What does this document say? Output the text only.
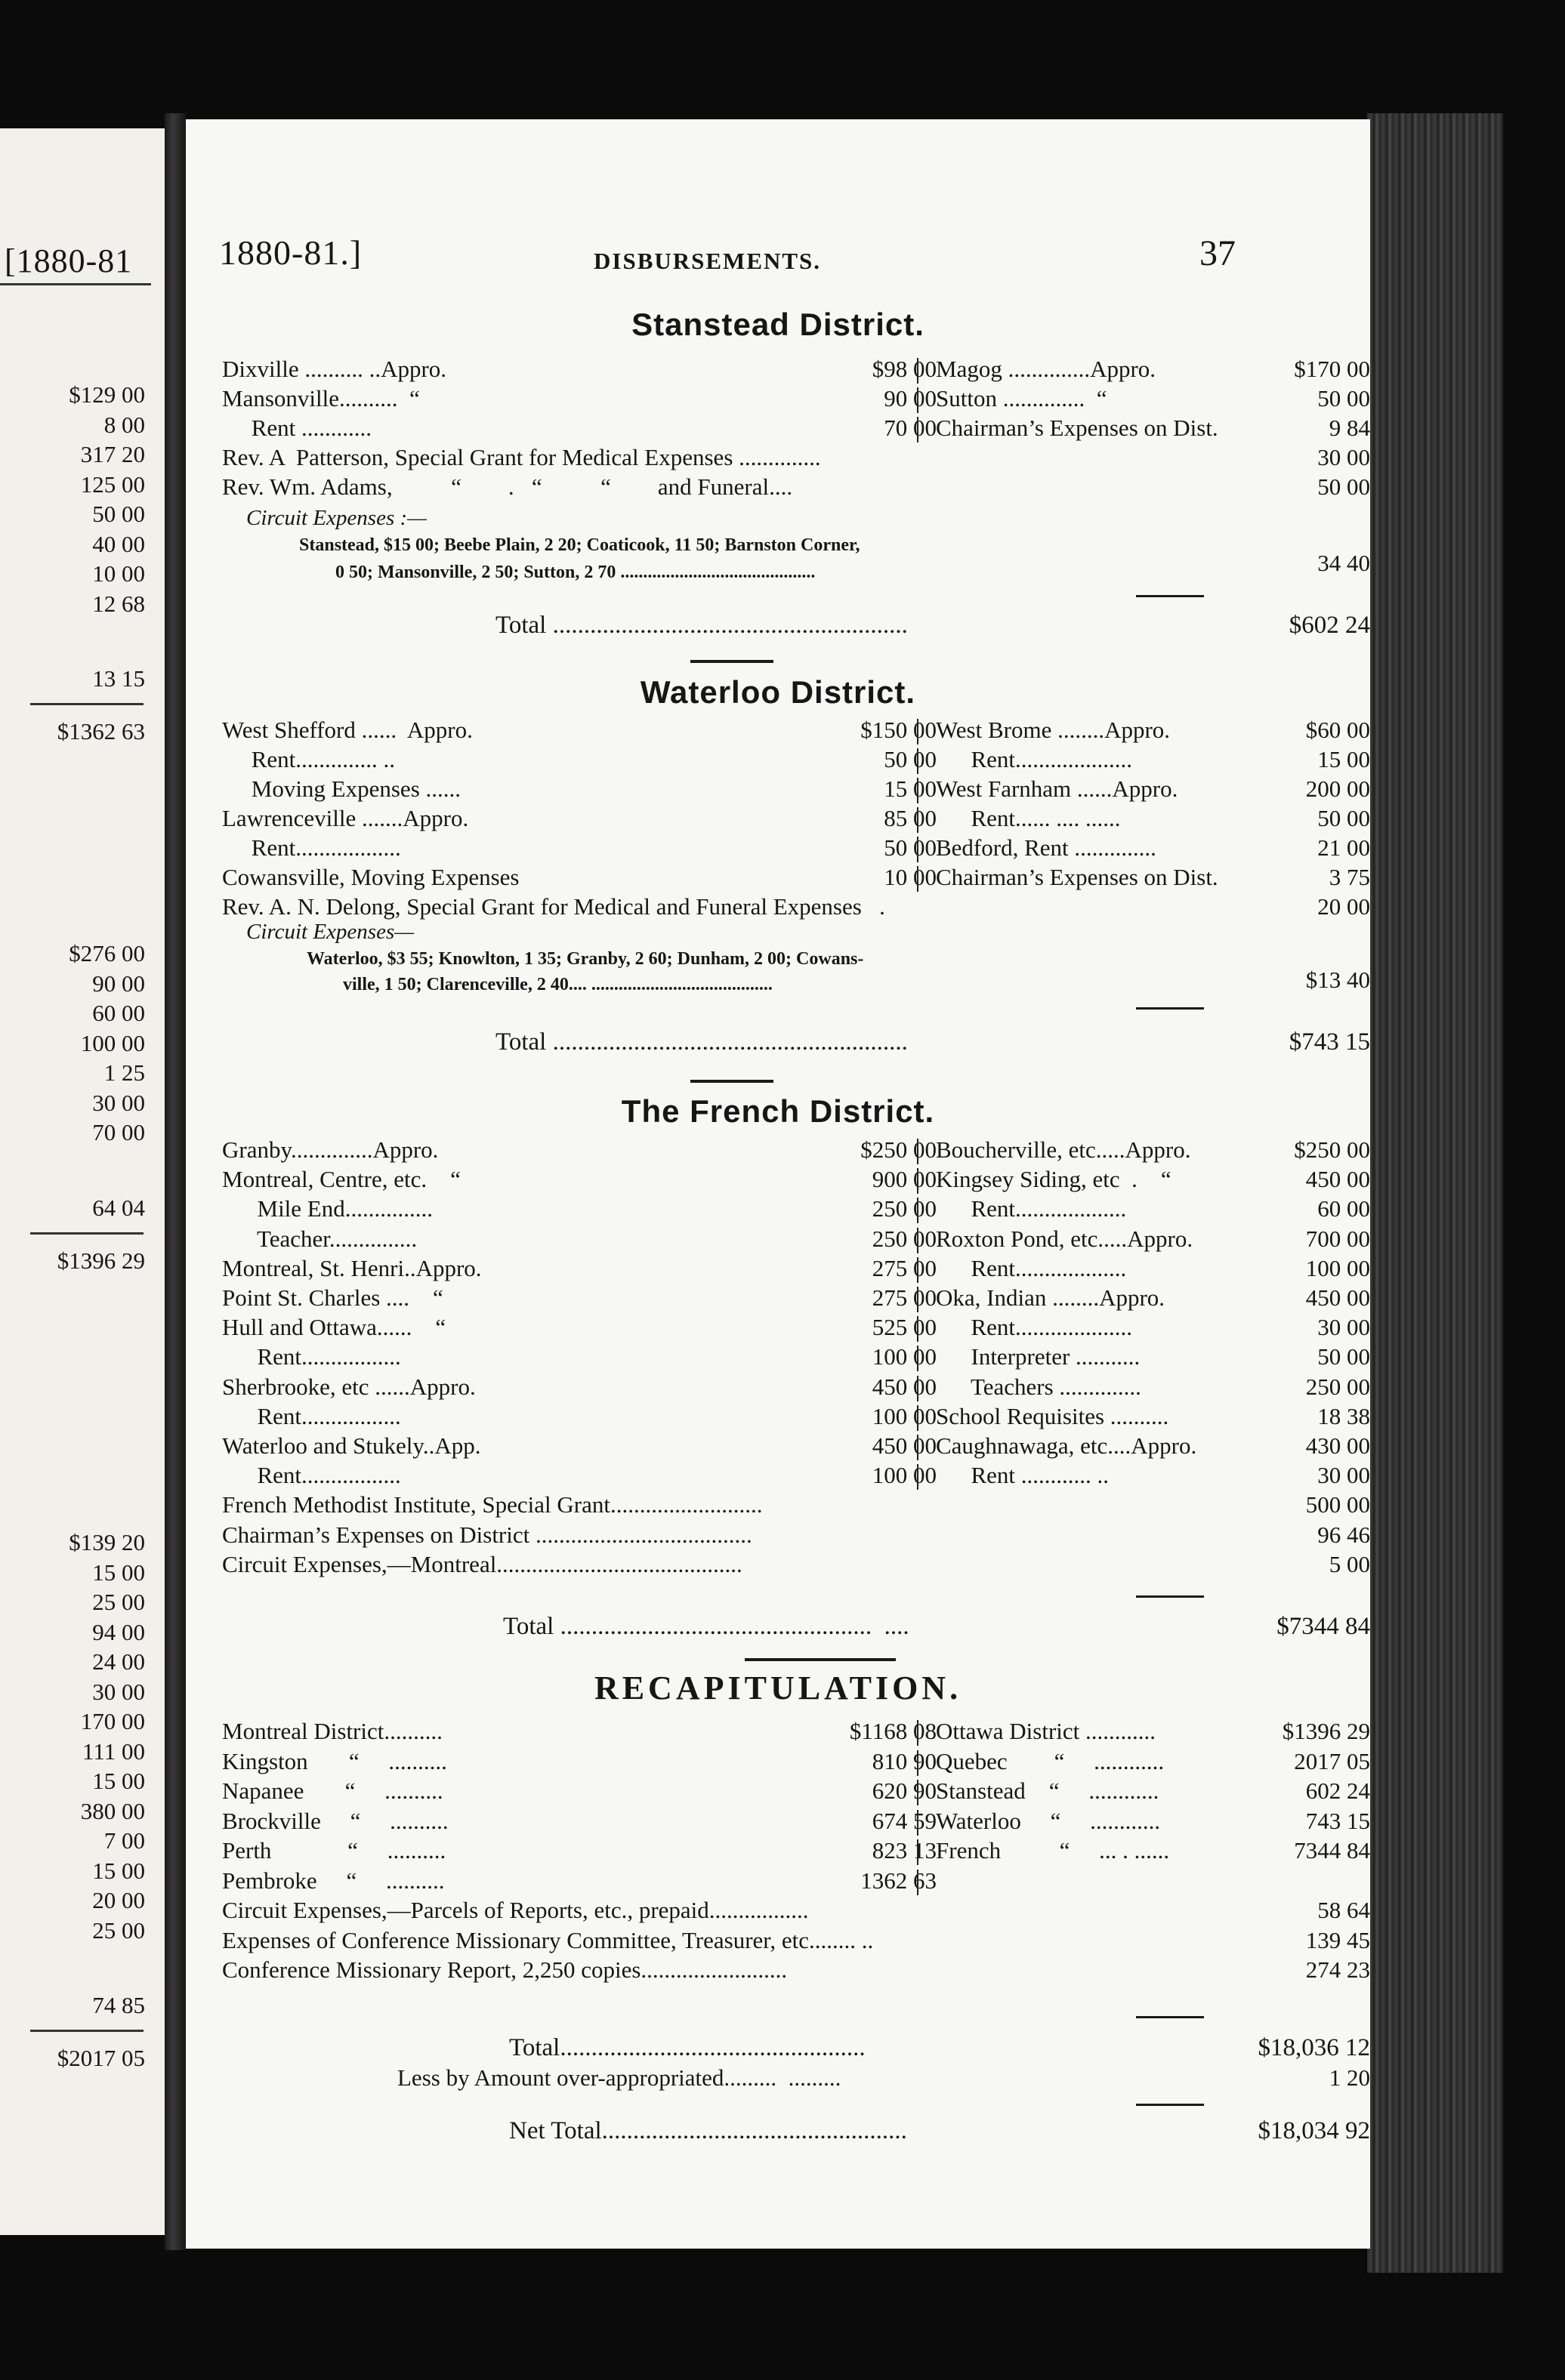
[1880-81
$129 00
8 00
317 20
125 00
50 00
40 00
10 00
12 68
13 15
$1362 63
$276 00
90 00
60 00
100 00
1 25
30 00
70 00
64 04
$1396 29
$139 20
15 00
25 00
94 00
24 00
30 00
170 00
111 00
15 00
380 00
7 00
15 00
20 00
25 00
74 85
$2017 05
1880-81.]	DISBURSEMENTS.	37
Stanstead District.
Dixville .......... ..Appro.	$98 00 Magog ..............Appro.	$170 00
Mansonville..........  “	90 00 Sutton ..............  “	50 00
Rent ............	70 00 Chairman’s Expenses on Dist.	9 84
Rev. A  Patterson, Special Grant for Medical Expenses ..............	30 00
Rev. Wm. Adams,          “        .   “          “        and Funeral....	50 00
Circuit Expenses :—
Stanstead, $15 00; Beebe Plain, 2 20; Coaticook, 11 50; Barnston Corner,
0 50; Mansonville, 2 50; Sutton, 2 70 ...........................................	34 40
Total .........................................................	$602 24
Waterloo District.
West Shefford ......  Appro.	$150 00 West Brome ........Appro.	$60 00
Rent.............. ..	50 00 Rent....................	15 00
Moving Expenses ......	15 00 West Farnham ......Appro.	200 00
Lawrenceville .......Appro.	85 00 Rent...... .... ......	50 00
Rent..................	50 00 Bedford, Rent ..............	21 00
Cowansville, Moving Expenses	10 00 Chairman’s Expenses on Dist.	3 75
Rev. A. N. Delong, Special Grant for Medical and Funeral Expenses   .	20 00
Circuit Expenses—
Waterloo, $3 55; Knowlton, 1 35; Granby, 2 60; Dunham, 2 00; Cowans-
ville, 1 50; Clarenceville, 2 40.... ........................................	$13 40
Total .........................................................	$743 15
The French District.
Granby..............Appro.	$250 00 Boucherville, etc.....Appro.	$250 00
Montreal, Centre, etc.    “	900 00 Kingsey Siding, etc  .    “	450 00
Mile End...............	250 00 Rent...................	60 00
Teacher...............	250 00 Roxton Pond, etc.....Appro.	700 00
Montreal, St. Henri..Appro.	275 00 Rent...................	100 00
Point St. Charles ....    “	275 00 Oka, Indian ........Appro.	450 00
Hull and Ottawa......    “	525 00 Rent....................	30 00
Rent.................	100 00 Interpreter ...........	50 00
Sherbrooke, etc ......Appro.	450 00 Teachers ..............	250 00
Rent.................	100 00 School Requisites ..........	18 38
Waterloo and Stukely..App.	450 00 Caughnawaga, etc....Appro.	430 00
Rent.................	100 00 Rent ............ ..	30 00
French Methodist Institute, Special Grant..........................	500 00
Chairman’s Expenses on District .....................................	96 46
Circuit Expenses,—Montreal..........................................	5 00
Total ..................................................  ....	$7344 84
RECAPITULATION.
Montreal District..........	$1168 08 Ottawa District ............	$1396 29
Kingston       “     ..........	810 90 Quebec        “     ............	2017 05
Napanee       “     ..........	620 90 Stanstead    “     ............	602 24
Brockville     “     ..........	674 59 Waterloo     “     ............	743 15
Perth             “     ..........	823 13 French          “     ... . ......	7344 84
Pembroke     “     ..........	1362 63
Circuit Expenses,—Parcels of Reports, etc., prepaid.................	58 64
Expenses of Conference Missionary Committee, Treasurer, etc........ ..	139 45
Conference Missionary Report, 2,250 copies.........................	274 23
Total.................................................	$18,036 12
Less by Amount over-appropriated.........  .........	1 20
Net Total.................................................	$18,034 92
